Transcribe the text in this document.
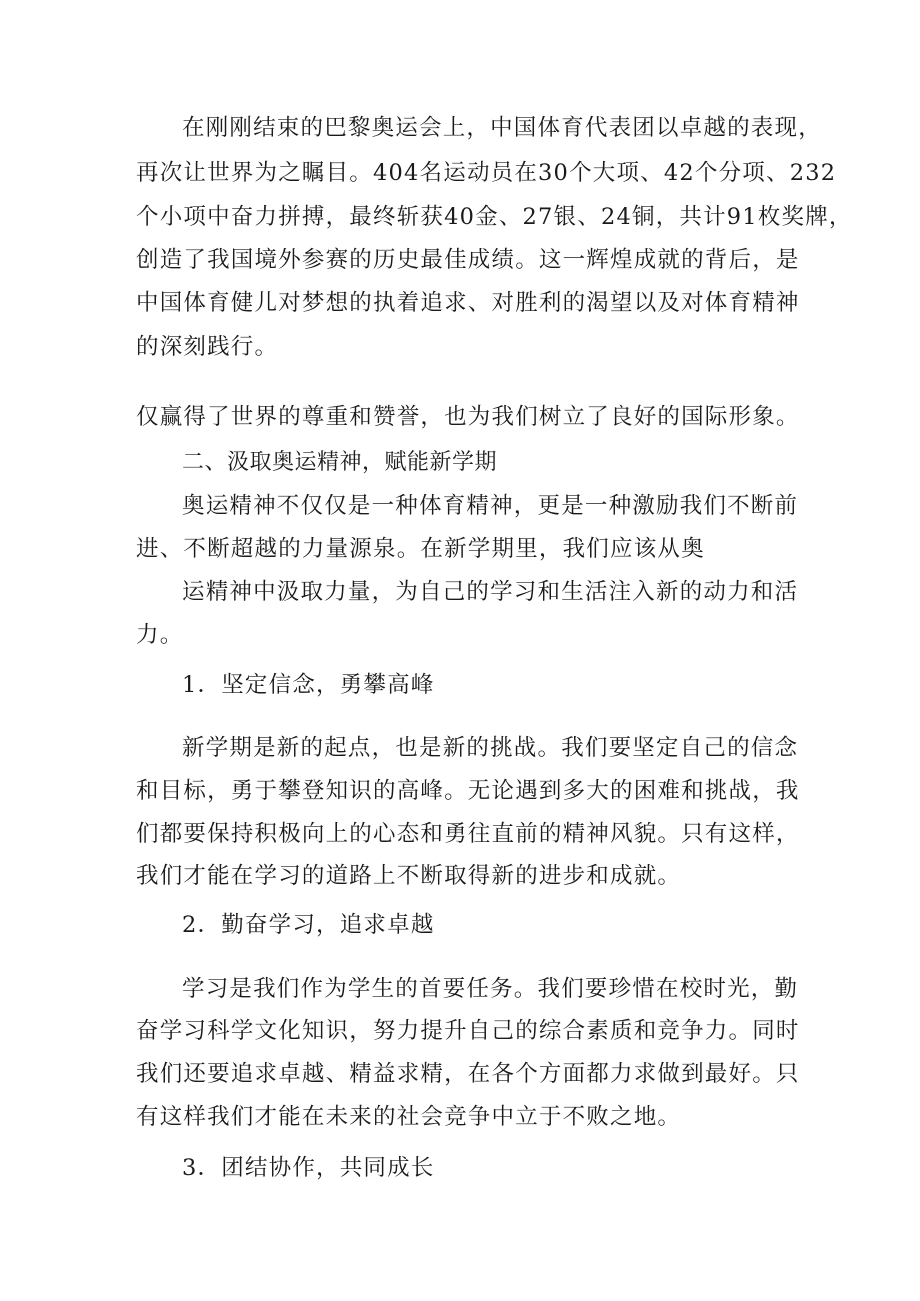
在刚刚结束的巴黎奥运会上，中国体育代表团以卓越的表现，
再次让世界为之瞩目。404名运动员在30个大项、42个分项、232
个小项中奋力拼搏，最终斩获40金、27银、24铜，共计91枚奖牌，
创造了我国境外参赛的历史最佳成绩。这一辉煌成就的背后，是
中国体育健儿对梦想的执着追求、对胜利的渴望以及对体育精神
的深刻践行。
仅赢得了世界的尊重和赞誉，也为我们树立了良好的国际形象。
二、汲取奥运精神，赋能新学期
奥运精神不仅仅是一种体育精神，更是一种激励我们不断前
进、不断超越的力量源泉。在新学期里，我们应该从奥
运精神中汲取力量，为自己的学习和生活注入新的动力和活
力。
1．坚定信念，勇攀高峰
新学期是新的起点，也是新的挑战。我们要坚定自己的信念
和目标，勇于攀登知识的高峰。无论遇到多大的困难和挑战，我
们都要保持积极向上的心态和勇往直前的精神风貌。只有这样，
我们才能在学习的道路上不断取得新的进步和成就。
2．勤奋学习，追求卓越
学习是我们作为学生的首要任务。我们要珍惜在校时光，勤
奋学习科学文化知识，努力提升自己的综合素质和竞争力。同时
我们还要追求卓越、精益求精，在各个方面都力求做到最好。只
有这样我们才能在未来的社会竞争中立于不败之地。
3．团结协作，共同成长
